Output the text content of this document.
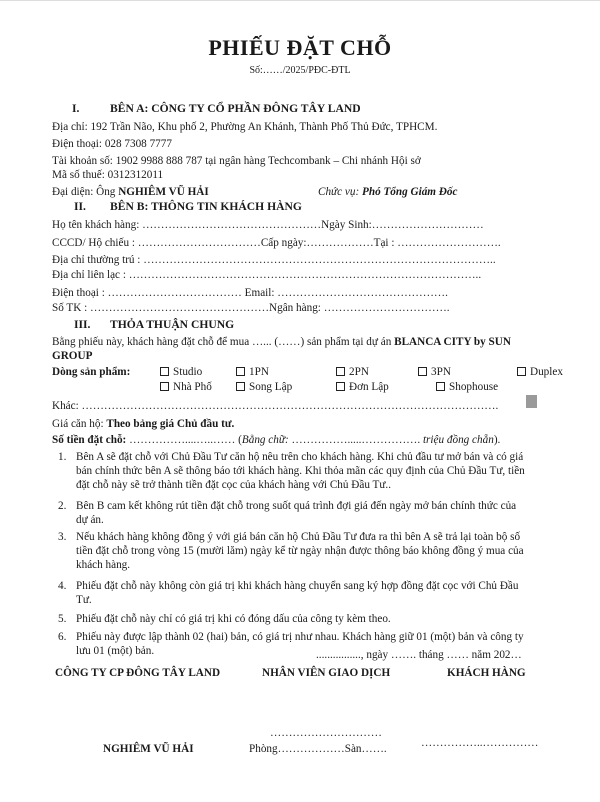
PHIẾU ĐẶT CHỖ
Số:……/2025/PĐC-ĐTL
I.	BÊN A: CÔNG TY CỔ PHẦN ĐÔNG TÂY LAND
Địa chỉ: 192 Trần Não, Khu phố 2, Phường An Khánh, Thành Phố Thủ Đức, TPHCM.
Điện thoại: 028 7308 7777
Tài khoản số: 1902 9988 888 787 tại ngân hàng Techcombank – Chi nhánh Hội sở
Mã số thuế: 0312312011
Đại diện: Ông NGHIÊM VŨ HẢI	Chức vụ: Phó Tổng Giám Đốc
II. BÊN B: THÔNG TIN KHÁCH HÀNG
Họ tên khách hàng: …………………………………………Ngày Sinh:…………………………
CCCD/ Hộ chiếu : ……………………………Cấp ngày:………………Tại : ……………………….
Địa chỉ thường trú : …………………………………………………………………………………..
Địa chỉ liên lạc : …………………………………………………………………………………..
Điện thoại : ……………………………… Email: ……………………………………….
Số TK : …………………………………………Ngân hàng: …………………………….
III. THỎA THUẬN CHUNG
Bằng phiếu này, khách hàng đặt chỗ để mua …... (……) sản phẩm tại dự án BLANCA CITY by SUN
GROUP
Dòng sản phẩm:	Studio	1PN	2PN	3PN	Duplex
Nhà Phố	Song Lập	Đơn Lập	Shophouse
Khác: ………………………………………………………………………………………………….
Giá căn hộ: Theo bảng giá Chủ đầu tư.
Số tiền đặt chỗ: ……………....…..…… (Bằng chữ: …………….....……………. triệu đồng chẵn).
1. Bên A sẽ đặt chỗ với Chủ Đầu Tư căn hộ nêu trên cho khách hàng. Khi chủ đầu tư mở bán và có giá
bán chính thức bên A sẽ thông báo tới khách hàng. Khi thỏa mãn các quy định của Chủ Đầu Tư, tiền
đặt chỗ này sẽ trở thành tiền đặt cọc của khách hàng với Chủ Đầu Tư..
2. Bên B cam kết không rút tiền đặt chỗ trong suốt quá trình đợi giá đến ngày mở bán chính thức của
dự án.
3. Nếu khách hàng không đồng ý với giá bán căn hộ Chủ Đầu Tư đưa ra thì bên A sẽ trả lại toàn bộ số
tiền đặt chỗ trong vòng 15 (mười lăm) ngày kể từ ngày nhận được thông báo không đồng ý mua của
khách hàng.
4. Phiếu đặt chỗ này không còn giá trị khi khách hàng chuyển sang ký hợp đồng đặt cọc với Chủ Đầu
Tư.
5. Phiếu đặt chỗ này chỉ có giá trị khi có đóng dấu của công ty kèm theo.
6. Phiếu này được lập thành 02 (hai) bản, có giá trị như nhau. Khách hàng giữ 01 (một) bản và công ty
lưu 01 (một) bản.	................, ngày ……. tháng …… năm 202…
CÔNG TY CP ĐÔNG TÂY LAND	NHÂN VIÊN GIAO DỊCH	KHÁCH HÀNG
…………………………
……………..……………
NGHIÊM VŨ HẢI	Phòng………………Sàn…….
